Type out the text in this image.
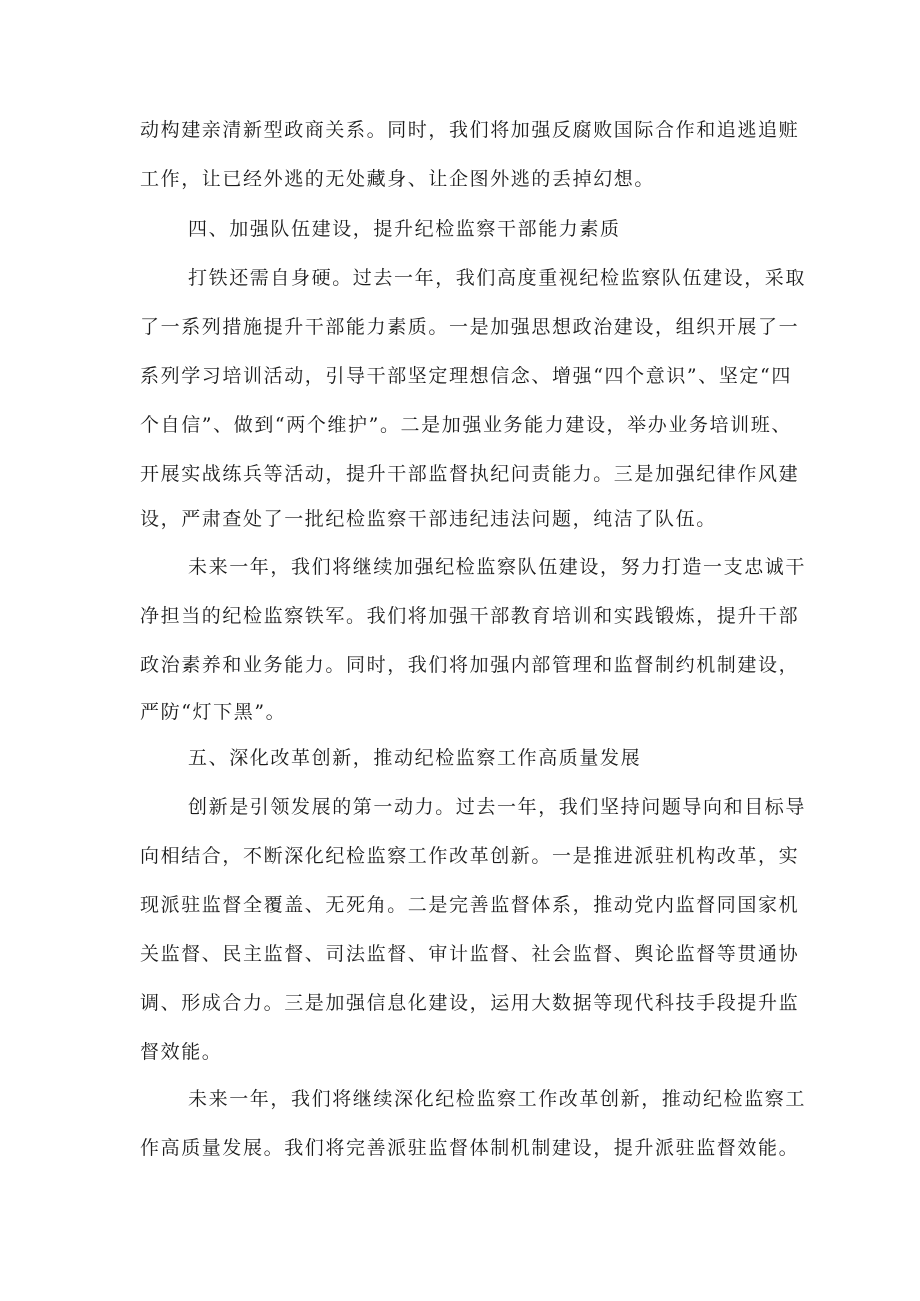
动构建亲清新型政商关系。同时，我们将加强反腐败国际合作和追逃追赃

工作，让已经外逃的无处藏身、让企图外逃的丢掉幻想。

四、加强队伍建设，提升纪检监察干部能力素质

打铁还需自身硬。过去一年，我们高度重视纪检监察队伍建设，采取

了一系列措施提升干部能力素质。一是加强思想政治建设，组织开展了一

系列学习培训活动，引导干部坚定理想信念、增强“四个意识”、坚定“四

个自信”、做到“两个维护”。二是加强业务能力建设，举办业务培训班、

开展实战练兵等活动，提升干部监督执纪问责能力。三是加强纪律作风建

设，严肃查处了一批纪检监察干部违纪违法问题，纯洁了队伍。

未来一年，我们将继续加强纪检监察队伍建设，努力打造一支忠诚干

净担当的纪检监察铁军。我们将加强干部教育培训和实践锻炼，提升干部

政治素养和业务能力。同时，我们将加强内部管理和监督制约机制建设，

严防“灯下黑”。

五、深化改革创新，推动纪检监察工作高质量发展

创新是引领发展的第一动力。过去一年，我们坚持问题导向和目标导

向相结合，不断深化纪检监察工作改革创新。一是推进派驻机构改革，实

现派驻监督全覆盖、无死角。二是完善监督体系，推动党内监督同国家机

关监督、民主监督、司法监督、审计监督、社会监督、舆论监督等贯通协

调、形成合力。三是加强信息化建设，运用大数据等现代科技手段提升监

督效能。

未来一年，我们将继续深化纪检监察工作改革创新，推动纪检监察工

作高质量发展。我们将完善派驻监督体制机制建设，提升派驻监督效能。
